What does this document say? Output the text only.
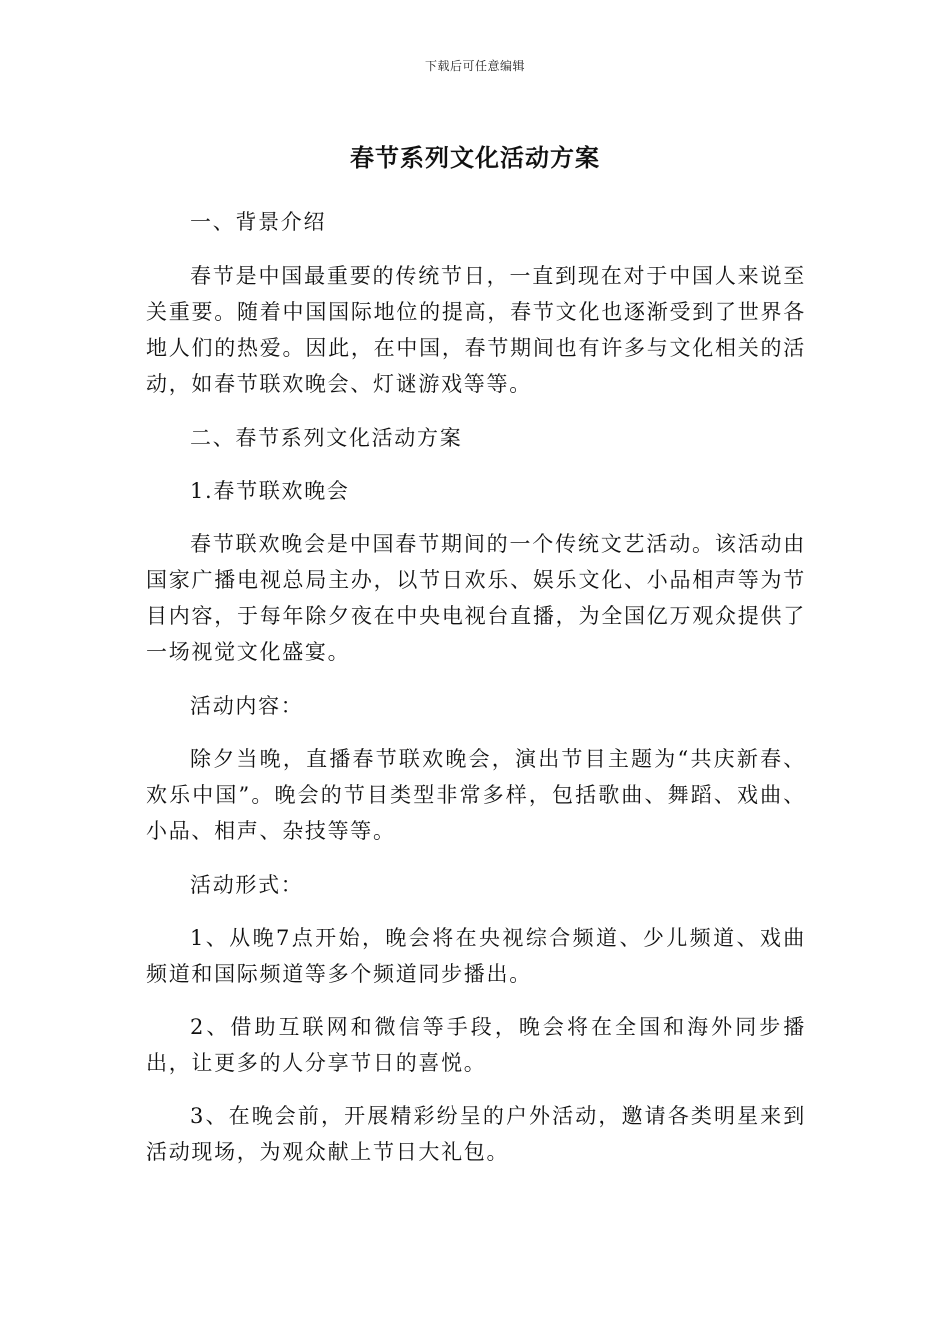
下载后可任意编辑
春节系列文化活动方案

一、背景介绍

春节是中国最重要的传统节日，一直到现在对于中国人来说至关重要。随着中国国际地位的提高，春节文化也逐渐受到了世界各地人们的热爱。因此，在中国，春节期间也有许多与文化相关的活动，如春节联欢晚会、灯谜游戏等等。

二、春节系列文化活动方案

1.春节联欢晚会

春节联欢晚会是中国春节期间的一个传统文艺活动。该活动由国家广播电视总局主办，以节日欢乐、娱乐文化、小品相声等为节目内容，于每年除夕夜在中央电视台直播，为全国亿万观众提供了一场视觉文化盛宴。

活动内容：

除夕当晚，直播春节联欢晚会，演出节目主题为“共庆新春、欢乐中国”。晚会的节目类型非常多样，包括歌曲、舞蹈、戏曲、小品、相声、杂技等等。

活动形式：

1、从晚7点开始，晚会将在央视综合频道、少儿频道、戏曲频道和国际频道等多个频道同步播出。

2、借助互联网和微信等手段，晚会将在全国和海外同步播出，让更多的人分享节日的喜悦。

3、在晚会前，开展精彩纷呈的户外活动，邀请各类明星来到活动现场，为观众献上节日大礼包。
